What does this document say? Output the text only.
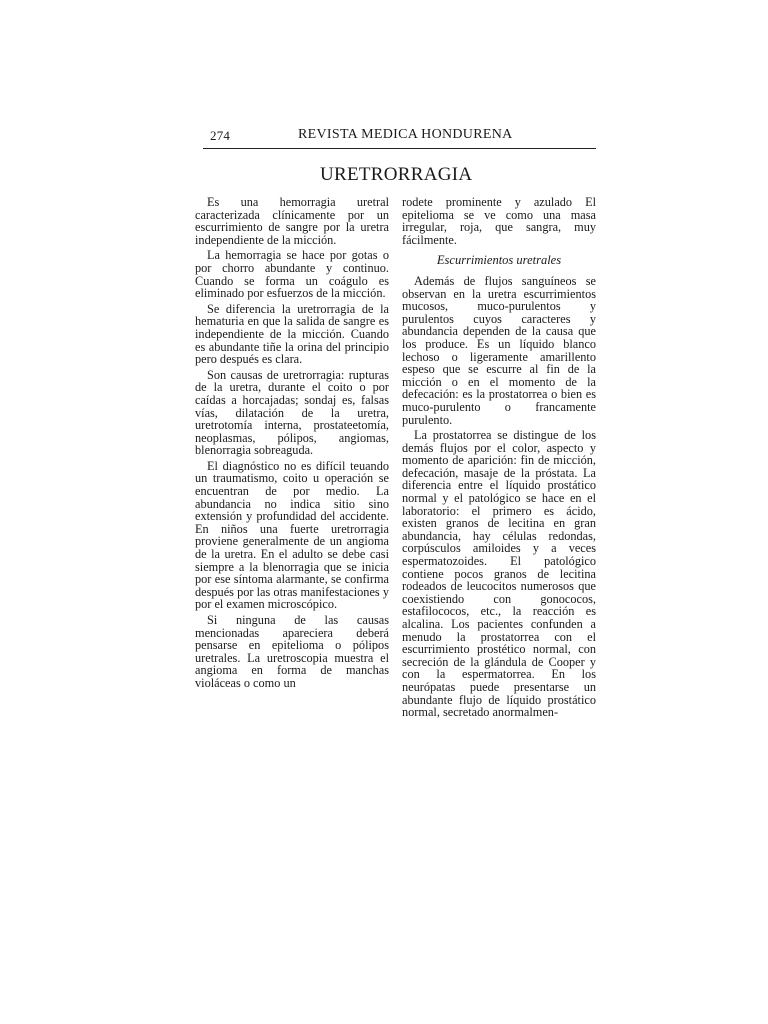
274	REVISTA MEDICA HONDURENA
URETRORRAGIA

Es una hemorragia uretral caracterizada clínicamente por un escurrimiento de sangre por la uretra independiente de la micción.

La hemorragia se hace por gotas o por chorro abundante y continuo. Cuando se forma un coágulo es eliminado por esfuerzos de la micción.

Se diferencia la uretrorragia de la hematuria en que la salida de sangre es independiente de la micción. Cuando es abundante tiñe la orina del principio pero después es clara.

Son causas de uretrorragia: rupturas de la uretra, durante el coito o por caídas a horcajadas; sondaj es, falsas vías, dilatación de la uretra, uretrotomía interna, prostateetomía, neoplasmas, pólipos, angiomas, blenorragia sobreaguda.

El diagnóstico no es difícil teuando un traumatismo, coito u operación se encuentran de por medio. La abundancia no indica sitio sino extensión y profundidad del accidente. En niños una fuerte uretrorragia proviene generalmente de un angioma de la uretra. En el adulto se debe casi siempre a la blenorragia que se inicia por ese síntoma alarmante, se confirma después por las otras manifestaciones y por el examen microscópico.

Si ninguna de las causas mencionadas apareciera deberá pensarse en epitelioma o pólipos uretrales. La uretroscopia muestra el angioma en forma de manchas violáceas o como un

rodete prominente y azulado El epitelioma se ve como una masa irregular, roja, que sangra, muy fácilmente.

Escurrimientos uretrales

Además de flujos sanguíneos se observan en la uretra escurrimientos mucosos, muco-purulentos y purulentos cuyos caracteres y abundancia dependen de la causa que los produce. Es un líquido blanco lechoso o ligeramente amarillento espeso que se escurre al fin de la micción o en el momento de la defecación: es la prostatorrea o bien es muco-purulento o francamente purulento.

La prostatorrea se distingue de los demás flujos por el color, aspecto y momento de aparición: fin de micción, defecación, masaje de la próstata. La diferencia entre el líquido prostático normal y el patológico se hace en el laboratorio: el primero es ácido, existen granos de lecitina en gran abundancia, hay células redondas, corpúsculos amiloides y a veces espermatozoides. El patológico contiene pocos granos de lecitina rodeados de leucocitos numerosos que coexistiendo con gonococos, estafilococos, etc., la reacción es alcalina. Los pacientes confunden a menudo la prostatorrea con el escurrimiento prostético normal, con secreción de la glándula de Cooper y con la espermatorrea. En los neurópatas puede presentarse un abundante flujo de líquido prostático normal, secretado anormalmen-
